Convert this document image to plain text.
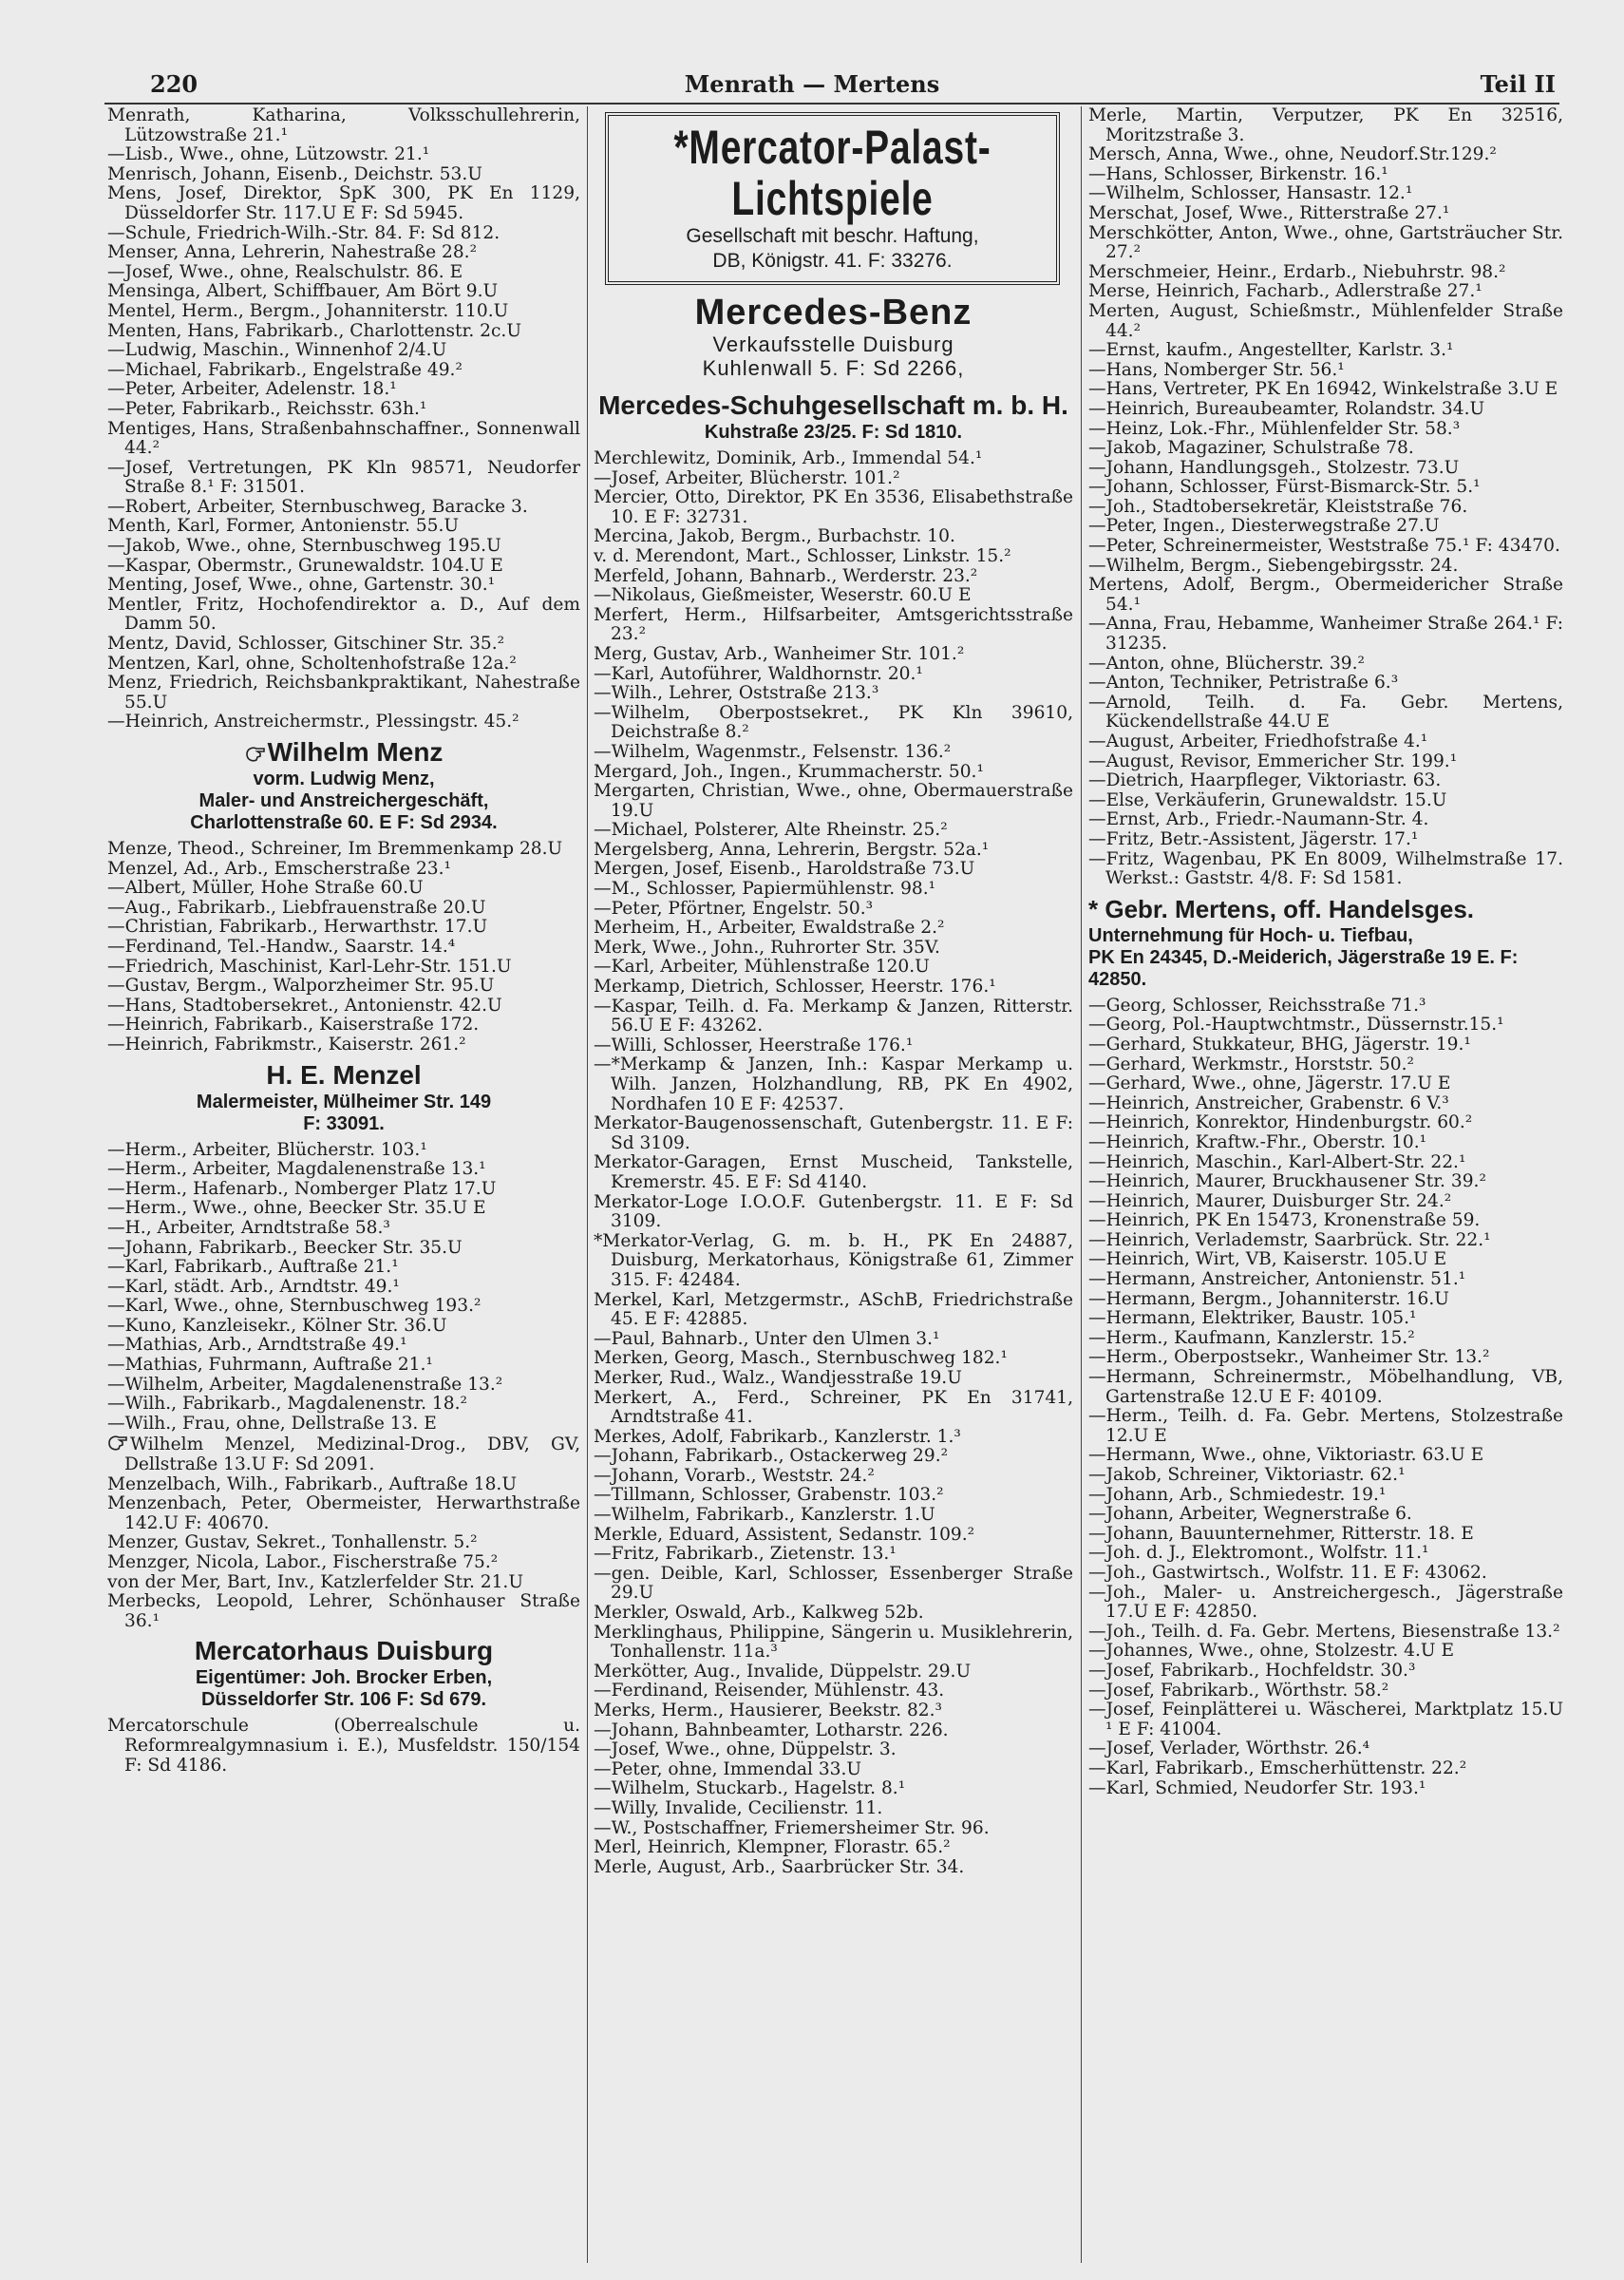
220	Menrath — Mertens	Teil II
Menrath, Katharina, Volksschullehrerin, Lützowstraße 21.¹
—Lisb., Wwe., ohne, Lützowstr. 21.¹
Menrisch, Johann, Eisenb., Deichstr. 53.U
Mens, Josef, Direktor, SpK 300, PK En 1129, Düsseldorfer Str. 117.U E F: Sd 5945.
—Schule, Friedrich-Wilh.-Str. 84. F: Sd 812.
Menser, Anna, Lehrerin, Nahestraße 28.²
—Josef, Wwe., ohne, Realschulstr. 86. E
Mensinga, Albert, Schiffbauer, Am Bört 9.U
Mentel, Herm., Bergm., Johanniterstr. 110.U
Menten, Hans, Fabrikarb., Charlottenstr. 2c.U
—Ludwig, Maschin., Winnenhof 2/4.U
—Michael, Fabrikarb., Engelstraße 49.²
—Peter, Arbeiter, Adelenstr. 18.¹
—Peter, Fabrikarb., Reichsstr. 63h.¹
Mentiges, Hans, Straßenbahnschaffner., Sonnenwall 44.²
—Josef, Vertretungen, PK Kln 98571, Neudorfer Straße 8.¹ F: 31501.
—Robert, Arbeiter, Sternbuschweg, Baracke 3.
Menth, Karl, Former, Antonienstr. 55.U
—Jakob, Wwe., ohne, Sternbuschweg 195.U
—Kaspar, Obermstr., Grunewaldstr. 104.U E
Menting, Josef, Wwe., ohne, Gartenstr. 30.¹
Mentler, Fritz, Hochofendirektor a. D., Auf dem Damm 50.
Mentz, David, Schlosser, Gitschiner Str. 35.²
Mentzen, Karl, ohne, Scholtenhofstraße 12a.²
Menz, Friedrich, Reichsbankpraktikant, Nahestraße 55.U
—Heinrich, Anstreichermstr., Plessingstr. 45.²
Wilhelm Menz
vorm. Ludwig Menz,
Maler- und Anstreichergeschäft,
Charlottenstraße 60. E F: Sd 2934.
Menze, Theod., Schreiner, Im Bremmenkamp 28.U
Menzel, Ad., Arb., Emscherstraße 23.¹
—Albert, Müller, Hohe Straße 60.U
—Aug., Fabrikarb., Liebfrauenstraße 20.U
—Christian, Fabrikarb., Herwarthstr. 17.U
—Ferdinand, Tel.-Handw., Saarstr. 14.⁴
—Friedrich, Maschinist, Karl-Lehr-Str. 151.U
—Gustav, Bergm., Walporzheimer Str. 95.U
—Hans, Stadtobersekret., Antonienstr. 42.U
—Heinrich, Fabrikarb., Kaiserstraße 172.
—Heinrich, Fabrikmstr., Kaiserstr. 261.²
H. E. Menzel
Malermeister, Mülheimer Str. 149
F: 33091.
—Herm., Arbeiter, Blücherstr. 103.¹
—Herm., Arbeiter, Magdalenenstraße 13.¹
—Herm., Hafenarb., Nomberger Platz 17.U
—Herm., Wwe., ohne, Beecker Str. 35.U E
—H., Arbeiter, Arndtstraße 58.³
—Johann, Fabrikarb., Beecker Str. 35.U
—Karl, Fabrikarb., Auftraße 21.¹
—Karl, städt. Arb., Arndtstr. 49.¹
—Karl, Wwe., ohne, Sternbuschweg 193.²
—Kuno, Kanzleisekr., Kölner Str. 36.U
—Mathias, Arb., Arndtstraße 49.¹
—Mathias, Fuhrmann, Auftraße 21.¹
—Wilhelm, Arbeiter, Magdalenenstraße 13.²
—Wilh., Fabrikarb., Magdalenenstr. 18.²
—Wilh., Frau, ohne, Dellstraße 13. E
Wilhelm Menzel, Medizinal-Drog., DBV, GV, Dellstraße 13.U F: Sd 2091.
Menzelbach, Wilh., Fabrikarb., Auftraße 18.U
Menzenbach, Peter, Obermeister, Herwarthstraße 142.U F: 40670.
Menzer, Gustav, Sekret., Tonhallenstr. 5.²
Menzger, Nicola, Labor., Fischerstraße 75.²
von der Mer, Bart, Inv., Katzlerfelder Str. 21.U
Merbecks, Leopold, Lehrer, Schönhauser Straße 36.¹
Mercatorhaus Duisburg
Eigentümer: Joh. Brocker Erben,
Düsseldorfer Str. 106 F: Sd 679.
Mercatorschule (Oberrealschule u. Reformrealgymnasium i. E.), Musfeldstr. 150/154 F: Sd 4186.
*Mercator-Palast-Lichtspiele
Gesellschaft mit beschr. Haftung,
DB, Königstr. 41. F: 33276.
Mercedes-Benz
Verkaufsstelle Duisburg
Kuhlenwall 5. F: Sd 2266,
Mercedes-Schuhgesellschaft m. b. H.
Kuhstraße 23/25. F: Sd 1810.
Merchlewitz, Dominik, Arb., Immendal 54.¹
—Josef, Arbeiter, Blücherstr. 101.²
Mercier, Otto, Direktor, PK En 3536, Elisabethstraße 10. E F: 32731.
Mercina, Jakob, Bergm., Burbachstr. 10.
v. d. Merendont, Mart., Schlosser, Linkstr. 15.²
Merfeld, Johann, Bahnarb., Werderstr. 23.²
—Nikolaus, Gießmeister, Weserstr. 60.U E
Merfert, Herm., Hilfsarbeiter, Amtsgerichtsstraße 23.²
Merg, Gustav, Arb., Wanheimer Str. 101.²
—Karl, Autoführer, Waldhornstr. 20.¹
—Wilh., Lehrer, Oststraße 213.³
—Wilhelm, Oberpostsekret., PK Kln 39610, Deichstraße 8.²
—Wilhelm, Wagenmstr., Felsenstr. 136.²
Mergard, Joh., Ingen., Krummacherstr. 50.¹
Mergarten, Christian, Wwe., ohne, Obermauerstraße 19.U
—Michael, Polsterer, Alte Rheinstr. 25.²
Mergelsberg, Anna, Lehrerin, Bergstr. 52a.¹
Mergen, Josef, Eisenb., Haroldstraße 73.U
—M., Schlosser, Papiermühlenstr. 98.¹
—Peter, Pförtner, Engelstr. 50.³
Merheim, H., Arbeiter, Ewaldstraße 2.²
Merk, Wwe., John., Ruhrorter Str. 35V.
—Karl, Arbeiter, Mühlenstraße 120.U
Merkamp, Dietrich, Schlosser, Heerstr. 176.¹
—Kaspar, Teilh. d. Fa. Merkamp & Janzen, Ritterstr. 56.U E F: 43262.
—Willi, Schlosser, Heerstraße 176.¹
—*Merkamp & Janzen, Inh.: Kaspar Merkamp u. Wilh. Janzen, Holzhandlung, RB, PK En 4902, Nordhafen 10 E F: 42537.
Merkator-Baugenossenschaft, Gutenbergstr. 11. E F: Sd 3109.
Merkator-Garagen, Ernst Muscheid, Tankstelle, Kremerstr. 45. E F: Sd 4140.
Merkator-Loge I.O.O.F. Gutenbergstr. 11. E F: Sd 3109.
*Merkator-Verlag, G. m. b. H., PK En 24887, Duisburg, Merkatorhaus, Königstraße 61, Zimmer 315. F: 42484.
Merkel, Karl, Metzgermstr., ASchB, Friedrichstraße 45. E F: 42885.
—Paul, Bahnarb., Unter den Ulmen 3.¹
Merken, Georg, Masch., Sternbuschweg 182.¹
Merker, Rud., Walz., Wandjesstraße 19.U
Merkert, A., Ferd., Schreiner, PK En 31741, Arndtstraße 41.
Merkes, Adolf, Fabrikarb., Kanzlerstr. 1.³
—Johann, Fabrikarb., Ostackerweg 29.²
—Johann, Vorarb., Weststr. 24.²
—Tillmann, Schlosser, Grabenstr. 103.²
—Wilhelm, Fabrikarb., Kanzlerstr. 1.U
Merkle, Eduard, Assistent, Sedanstr. 109.²
—Fritz, Fabrikarb., Zietenstr. 13.¹
—gen. Deible, Karl, Schlosser, Essenberger Straße 29.U
Merkler, Oswald, Arb., Kalkweg 52b.
Merklinghaus, Philippine, Sängerin u. Musiklehrerin, Tonhallenstr. 11a.³
Merkötter, Aug., Invalide, Düppelstr. 29.U
—Ferdinand, Reisender, Mühlenstr. 43.
Merks, Herm., Hausierer, Beekstr. 82.³
—Johann, Bahnbeamter, Lotharstr. 226.
—Josef, Wwe., ohne, Düppelstr. 3.
—Peter, ohne, Immendal 33.U
—Wilhelm, Stuckarb., Hagelstr. 8.¹
—Willy, Invalide, Cecilienstr. 11.
—W., Postschaffner, Friemersheimer Str. 96.
Merl, Heinrich, Klempner, Florastr. 65.²
Merle, August, Arb., Saarbrücker Str. 34.
Merle, Martin, Verputzer, PK En 32516, Moritzstraße 3.
Mersch, Anna, Wwe., ohne, Neudorf.Str.129.²
—Hans, Schlosser, Birkenstr. 16.¹
—Wilhelm, Schlosser, Hansastr. 12.¹
Merschat, Josef, Wwe., Ritterstraße 27.¹
Merschkötter, Anton, Wwe., ohne, Gartsträucher Str. 27.²
Merschmeier, Heinr., Erdarb., Niebuhrstr. 98.²
Merse, Heinrich, Facharb., Adlerstraße 27.¹
Merten, August, Schießmstr., Mühlenfelder Straße 44.²
—Ernst, kaufm., Angestellter, Karlstr. 3.¹
—Hans, Nomberger Str. 56.¹
—Hans, Vertreter, PK En 16942, Winkelstraße 3.U E
—Heinrich, Bureaubeamter, Rolandstr. 34.U
—Heinz, Lok.-Fhr., Mühlenfelder Str. 58.³
—Jakob, Magaziner, Schulstraße 78.
—Johann, Handlungsgeh., Stolzestr. 73.U
—Johann, Schlosser, Fürst-Bismarck-Str. 5.¹
—Joh., Stadtobersekretär, Kleiststraße 76.
—Peter, Ingen., Diesterwegstraße 27.U
—Peter, Schreinermeister, Weststraße 75.¹ F: 43470.
—Wilhelm, Bergm., Siebengebirgsstr. 24.
Mertens, Adolf, Bergm., Obermeidericher Straße 54.¹
—Anna, Frau, Hebamme, Wanheimer Straße 264.¹ F: 31235.
—Anton, ohne, Blücherstr. 39.²
—Anton, Techniker, Petristraße 6.³
—Arnold, Teilh. d. Fa. Gebr. Mertens, Kückendellstraße 44.U E
—August, Arbeiter, Friedhofstraße 4.¹
—August, Revisor, Emmericher Str. 199.¹
—Dietrich, Haarpfleger, Viktoriastr. 63.
—Else, Verkäuferin, Grunewaldstr. 15.U
—Ernst, Arb., Friedr.-Naumann-Str. 4.
—Fritz, Betr.-Assistent, Jägerstr. 17.¹
—Fritz, Wagenbau, PK En 8009, Wilhelmstraße 17. Werkst.: Gaststr. 4/8. F: Sd 1581.
* Gebr. Mertens, off. Handelsges.
Unternehmung für Hoch- u. Tiefbau,
PK En 24345, D.-Meiderich, Jägerstraße 19 E. F: 42850.
—Georg, Schlosser, Reichsstraße 71.³
—Georg, Pol.-Hauptwchtmstr., Düssernstr.15.¹
—Gerhard, Stukkateur, BHG, Jägerstr. 19.¹
—Gerhard, Werkmstr., Horststr. 50.²
—Gerhard, Wwe., ohne, Jägerstr. 17.U E
—Heinrich, Anstreicher, Grabenstr. 6 V.³
—Heinrich, Konrektor, Hindenburgstr. 60.²
—Heinrich, Kraftw.-Fhr., Oberstr. 10.¹
—Heinrich, Maschin., Karl-Albert-Str. 22.¹
—Heinrich, Maurer, Bruckhausener Str. 39.²
—Heinrich, Maurer, Duisburger Str. 24.²
—Heinrich, PK En 15473, Kronenstraße 59.
—Heinrich, Verlademstr, Saarbrück. Str. 22.¹
—Heinrich, Wirt, VB, Kaiserstr. 105.U E
—Hermann, Anstreicher, Antonienstr. 51.¹
—Hermann, Bergm., Johanniterstr. 16.U
—Hermann, Elektriker, Baustr. 105.¹
—Herm., Kaufmann, Kanzlerstr. 15.²
—Herm., Oberpostsekr., Wanheimer Str. 13.²
—Hermann, Schreinermstr., Möbelhandlung, VB, Gartenstraße 12.U E F: 40109.
—Herm., Teilh. d. Fa. Gebr. Mertens, Stolzestraße 12.U E
—Hermann, Wwe., ohne, Viktoriastr. 63.U E
—Jakob, Schreiner, Viktoriastr. 62.¹
—Johann, Arb., Schmiedestr. 19.¹
—Johann, Arbeiter, Wegnerstraße 6.
—Johann, Bauunternehmer, Ritterstr. 18. E
—Joh. d. J., Elektromont., Wolfstr. 11.¹
—Joh., Gastwirtsch., Wolfstr. 11. E F: 43062.
—Joh., Maler- u. Anstreichergesch., Jägerstraße 17.U E F: 42850.
—Joh., Teilh. d. Fa. Gebr. Mertens, Biesenstraße 13.²
—Johannes, Wwe., ohne, Stolzestr. 4.U E
—Josef, Fabrikarb., Hochfeldstr. 30.³
—Josef, Fabrikarb., Wörthstr. 58.²
—Josef, Feinplätterei u. Wäscherei, Marktplatz 15.U ¹ E F: 41004.
—Josef, Verlader, Wörthstr. 26.⁴
—Karl, Fabrikarb., Emscherhüttenstr. 22.²
—Karl, Schmied, Neudorfer Str. 193.¹
